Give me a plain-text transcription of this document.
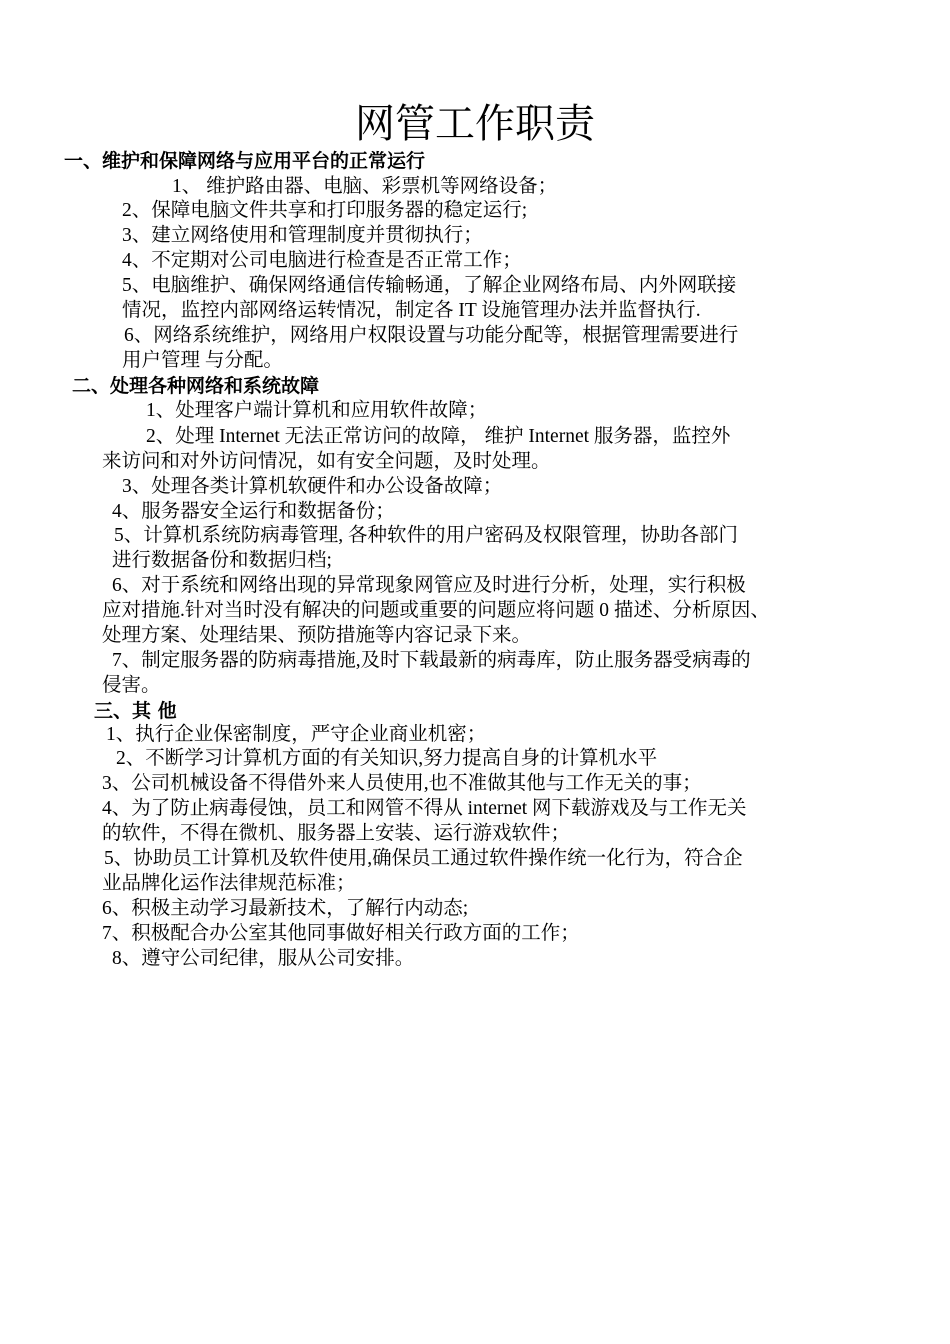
网管工作职责
一、维护和保障网络与应用平台的正常运行
1、 维护路由器、电脑、彩票机等网络设备；
2、保障电脑文件共享和打印服务器的稳定运行;
3、建立网络使用和管理制度并贯彻执行；
4、不定期对公司电脑进行检查是否正常工作；
5、电脑维护、确保网络通信传输畅通，了解企业网络布局、内外网联接
情况，监控内部网络运转情况，制定各 IT 设施管理办法并监督执行.
6、网络系统维护，网络用户权限设置与功能分配等，根据管理需要进行
用户管理 与分配。
二、处理各种网络和系统故障
1、处理客户端计算机和应用软件故障；
2、处理 Internet 无法正常访问的故障， 维护 Internet 服务器，监控外
来访问和对外访问情况，如有安全问题，及时处理。
3、处理各类计算机软硬件和办公设备故障；
4、服务器安全运行和数据备份；
5、计算机系统防病毒管理, 各种软件的用户密码及权限管理，协助各部门
进行数据备份和数据归档;
6、对于系统和网络出现的异常现象网管应及时进行分析，处理，实行积极
应对措施.针对当时没有解决的问题或重要的问题应将问题 0 描述、分析原因、
处理方案、处理结果、预防措施等内容记录下来。
7、制定服务器的防病毒措施,及时下载最新的病毒库，防止服务器受病毒的
侵害。
三、其 他
1、执行企业保密制度，严守企业商业机密；
2、不断学习计算机方面的有关知识,努力提高自身的计算机水平
3、公司机械设备不得借外来人员使用,也不准做其他与工作无关的事；
4、为了防止病毒侵蚀，员工和网管不得从 internet 网下载游戏及与工作无关
的软件，不得在微机、服务器上安装、运行游戏软件；
5、协助员工计算机及软件使用,确保员工通过软件操作统一化行为，符合企
业品牌化运作法律规范标准；
6、积极主动学习最新技术，了解行内动态;
7、积极配合办公室其他同事做好相关行政方面的工作；
8、遵守公司纪律，服从公司安排。
